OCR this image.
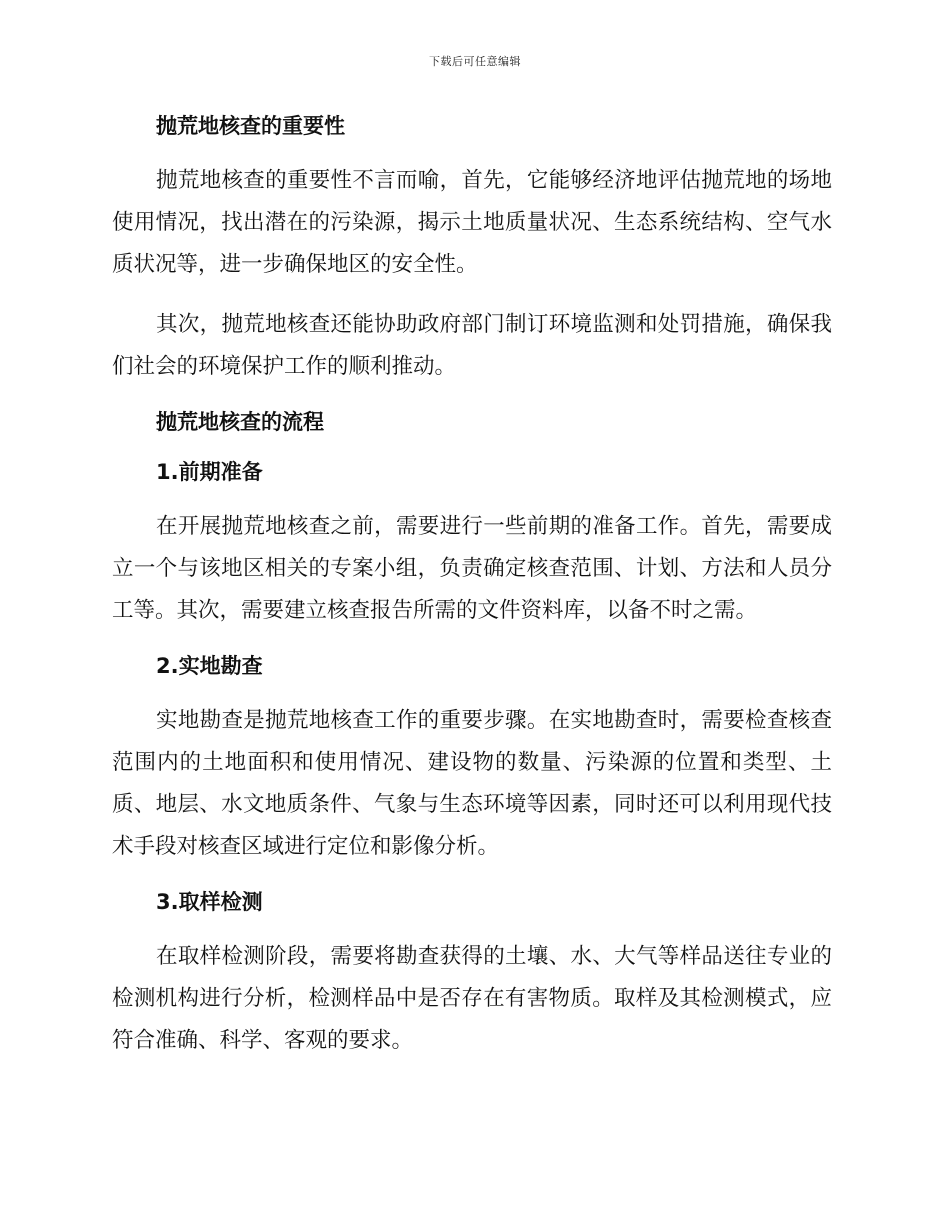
下载后可任意编辑
抛荒地核查的重要性

抛荒地核查的重要性不言而喻，首先，它能够经济地评估抛荒地的场地使用情况，找出潜在的污染源，揭示土地质量状况、生态系统结构、空气水质状况等，进一步确保地区的安全性。

其次，抛荒地核查还能协助政府部门制订环境监测和处罚措施，确保我们社会的环境保护工作的顺利推动。

抛荒地核查的流程
1.前期准备

在开展抛荒地核查之前，需要进行一些前期的准备工作。首先，需要成立一个与该地区相关的专案小组，负责确定核查范围、计划、方法和人员分工等。其次，需要建立核查报告所需的文件资料库，以备不时之需。

2.实地勘查

实地勘查是抛荒地核查工作的重要步骤。在实地勘查时，需要检查核查范围内的土地面积和使用情况、建设物的数量、污染源的位置和类型、土质、地层、水文地质条件、气象与生态环境等因素，同时还可以利用现代技术手段对核查区域进行定位和影像分析。

3.取样检测

在取样检测阶段，需要将勘查获得的土壤、水、大气等样品送往专业的检测机构进行分析，检测样品中是否存在有害物质。取样及其检测模式，应符合准确、科学、客观的要求。
